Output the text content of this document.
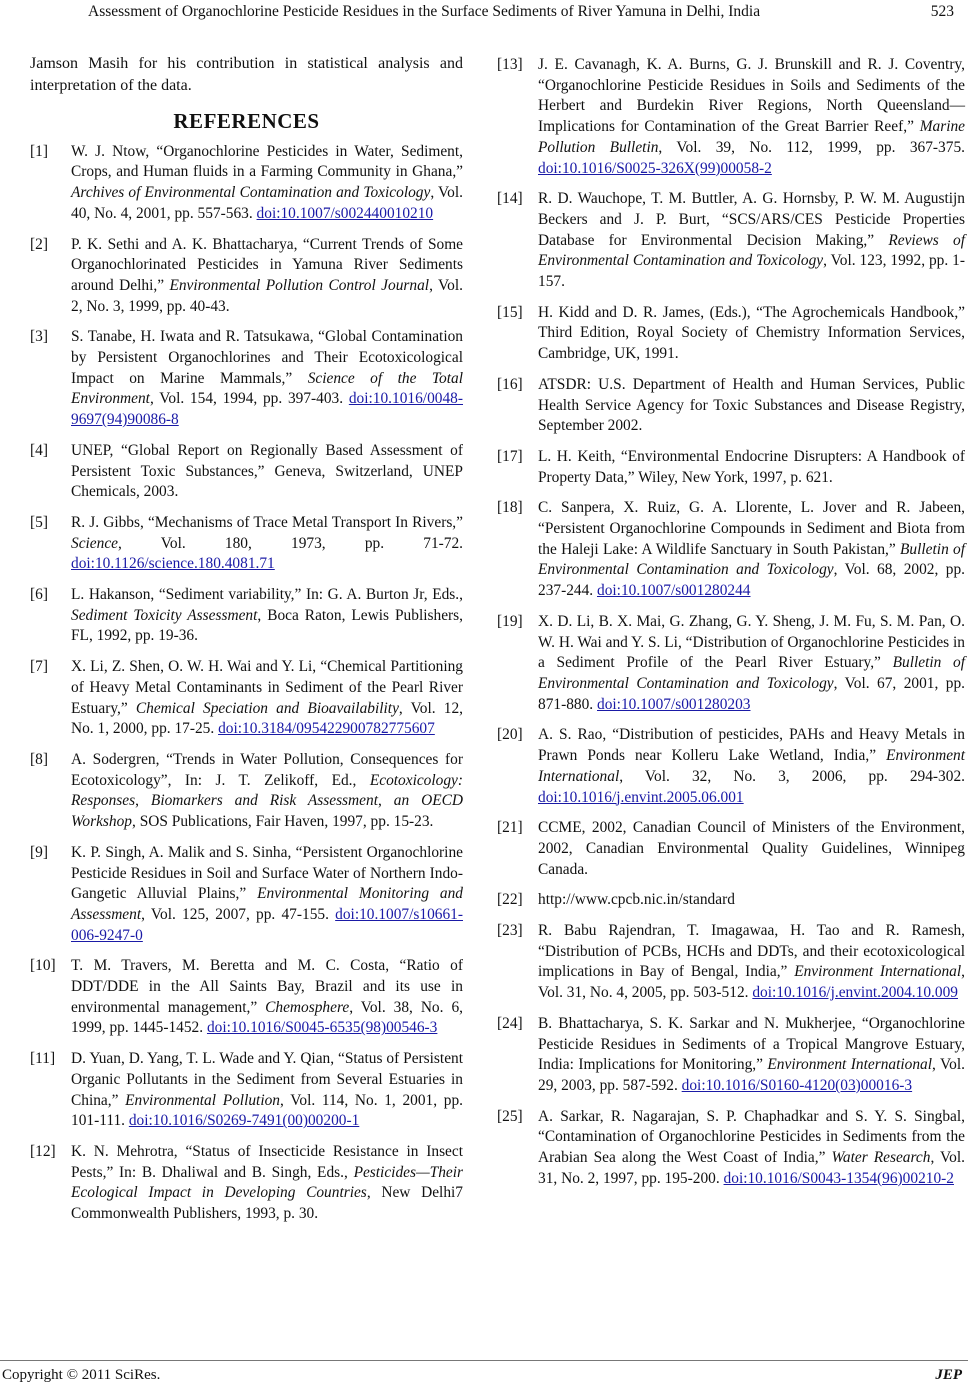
Assessment of Organochlorine Pesticide Residues in the Surface Sediments of River Yamuna in Delhi, India	523

Jamson Masih for his contribution in statistical analysis and interpretation of the data.

REFERENCES
[1] W. J. Ntow, “Organochlorine Pesticides in Water, Sediment, Crops, and Human fluids in a Farming Community in Ghana,” Archives of Environmental Contamination and Toxicology, Vol. 40, No. 4, 2001, pp. 557-563. doi:10.1007/s002440010210
[2] P. K. Sethi and A. K. Bhattacharya, “Current Trends of Some Organochlorinated Pesticides in Yamuna River Sediments around Delhi,” Environmental Pollution Control Journal, Vol. 2, No. 3, 1999, pp. 40-43.
[3] S. Tanabe, H. Iwata and R. Tatsukawa, “Global Contamination by Persistent Organochlorines and Their Ecotoxicological Impact on Marine Mammals,” Science of the Total Environment, Vol. 154, 1994, pp. 397-403. doi:10.1016/0048-9697(94)90086-8
[4] UNEP, “Global Report on Regionally Based Assessment of Persistent Toxic Substances,” Geneva, Switzerland, UNEP Chemicals, 2003.
[5] R. J. Gibbs, “Mechanisms of Trace Metal Transport In Rivers,” Science, Vol. 180, 1973, pp. 71-72. doi:10.1126/science.180.4081.71
[6] L. Hakanson, “Sediment variability,” In: G. A. Burton Jr, Eds., Sediment Toxicity Assessment, Boca Raton, Lewis Publishers, FL, 1992, pp. 19-36.
[7] X. Li, Z. Shen, O. W. H. Wai and Y. Li, “Chemical Partitioning of Heavy Metal Contaminants in Sediment of the Pearl River Estuary,” Chemical Speciation and Bioavailability, Vol. 12, No. 1, 2000, pp. 17-25. doi:10.3184/095422900782775607
[8] A. Sodergren, “Trends in Water Pollution, Consequences for Ecotoxicology”, In: J. T. Zelikoff, Ed., Ecotoxicology: Responses, Biomarkers and Risk Assessment, an OECD Workshop, SOS Publications, Fair Haven, 1997, pp. 15-23.
[9] K. P. Singh, A. Malik and S. Sinha, “Persistent Organochlorine Pesticide Residues in Soil and Surface Water of Northern Indo-Gangetic Alluvial Plains,” Environmental Monitoring and Assessment, Vol. 125, 2007, pp. 47-155. doi:10.1007/s10661-006-9247-0
[10] T. M. Travers, M. Beretta and M. C. Costa, “Ratio of DDT/DDE in the All Saints Bay, Brazil and its use in environmental management,” Chemosphere, Vol. 38, No. 6, 1999, pp. 1445-1452. doi:10.1016/S0045-6535(98)00546-3
[11] D. Yuan, D. Yang, T. L. Wade and Y. Qian, “Status of Persistent Organic Pollutants in the Sediment from Several Estuaries in China,” Environmental Pollution, Vol. 114, No. 1, 2001, pp. 101-111. doi:10.1016/S0269-7491(00)00200-1
[12] K. N. Mehrotra, “Status of Insecticide Resistance in Insect Pests,” In: B. Dhaliwal and B. Singh, Eds., Pesticides—Their Ecological Impact in Developing Countries, New Delhi7 Commonwealth Publishers, 1993, p. 30.
[13] J. E. Cavanagh, K. A. Burns, G. J. Brunskill and R. J. Coventry, “Organochlorine Pesticide Residues in Soils and Sediments of the Herbert and Burdekin River Regions, North Queensland—Implications for Contamination of the Great Barrier Reef,” Marine Pollution Bulletin, Vol. 39, No. 112, 1999, pp. 367-375. doi:10.1016/S0025-326X(99)00058-2
[14] R. D. Wauchope, T. M. Buttler, A. G. Hornsby, P. W. M. Augustijn Beckers and J. P. Burt, “SCS/ARS/CES Pesticide Properties Database for Environmental Decision Making,” Reviews of Environmental Contamination and Toxicology, Vol. 123, 1992, pp. 1-157.
[15] H. Kidd and D. R. James, (Eds.), “The Agrochemicals Handbook,” Third Edition, Royal Society of Chemistry Information Services, Cambridge, UK, 1991.
[16] ATSDR: U.S. Department of Health and Human Services, Public Health Service Agency for Toxic Substances and Disease Registry, September 2002.
[17] L. H. Keith, “Environmental Endocrine Disrupters: A Handbook of Property Data,” Wiley, New York, 1997, p. 621.
[18] C. Sanpera, X. Ruiz, G. A. Llorente, L. Jover and R. Jabeen, “Persistent Organochlorine Compounds in Sediment and Biota from the Haleji Lake: A Wildlife Sanctuary in South Pakistan,” Bulletin of Environmental Contamination and Toxicology, Vol. 68, 2002, pp. 237-244. doi:10.1007/s001280244
[19] X. D. Li, B. X. Mai, G. Zhang, G. Y. Sheng, J. M. Fu, S. M. Pan, O. W. H. Wai and Y. S. Li, “Distribution of Organochlorine Pesticides in a Sediment Profile of the Pearl River Estuary,” Bulletin of Environmental Contamination and Toxicology, Vol. 67, 2001, pp. 871-880. doi:10.1007/s001280203
[20] A. S. Rao, “Distribution of pesticides, PAHs and Heavy Metals in Prawn Ponds near Kolleru Lake Wetland, India,” Environment International, Vol. 32, No. 3, 2006, pp. 294-302. doi:10.1016/j.envint.2005.06.001
[21] CCME, 2002, Canadian Council of Ministers of the Environment, 2002, Canadian Environmental Quality Guidelines, Winnipeg Canada.
[22] http://www.cpcb.nic.in/standard
[23] R. Babu Rajendran, T. Imagawaa, H. Tao and R. Ramesh, “Distribution of PCBs, HCHs and DDTs, and their ecotoxicological implications in Bay of Bengal, India,” Environment International, Vol. 31, No. 4, 2005, pp. 503-512. doi:10.1016/j.envint.2004.10.009
[24] B. Bhattacharya, S. K. Sarkar and N. Mukherjee, “Organochlorine Pesticide Residues in Sediments of a Tropical Mangrove Estuary, India: Implications for Monitoring,” Environment International, Vol. 29, 2003, pp. 587-592. doi:10.1016/S0160-4120(03)00016-3
[25] A. Sarkar, R. Nagarajan, S. P. Chaphadkar and S. Y. S. Singbal, “Contamination of Organochlorine Pesticides in Sediments from the Arabian Sea along the West Coast of India,” Water Research, Vol. 31, No. 2, 1997, pp. 195-200. doi:10.1016/S0043-1354(96)00210-2
Copyright © 2011 SciRes.	JEP
